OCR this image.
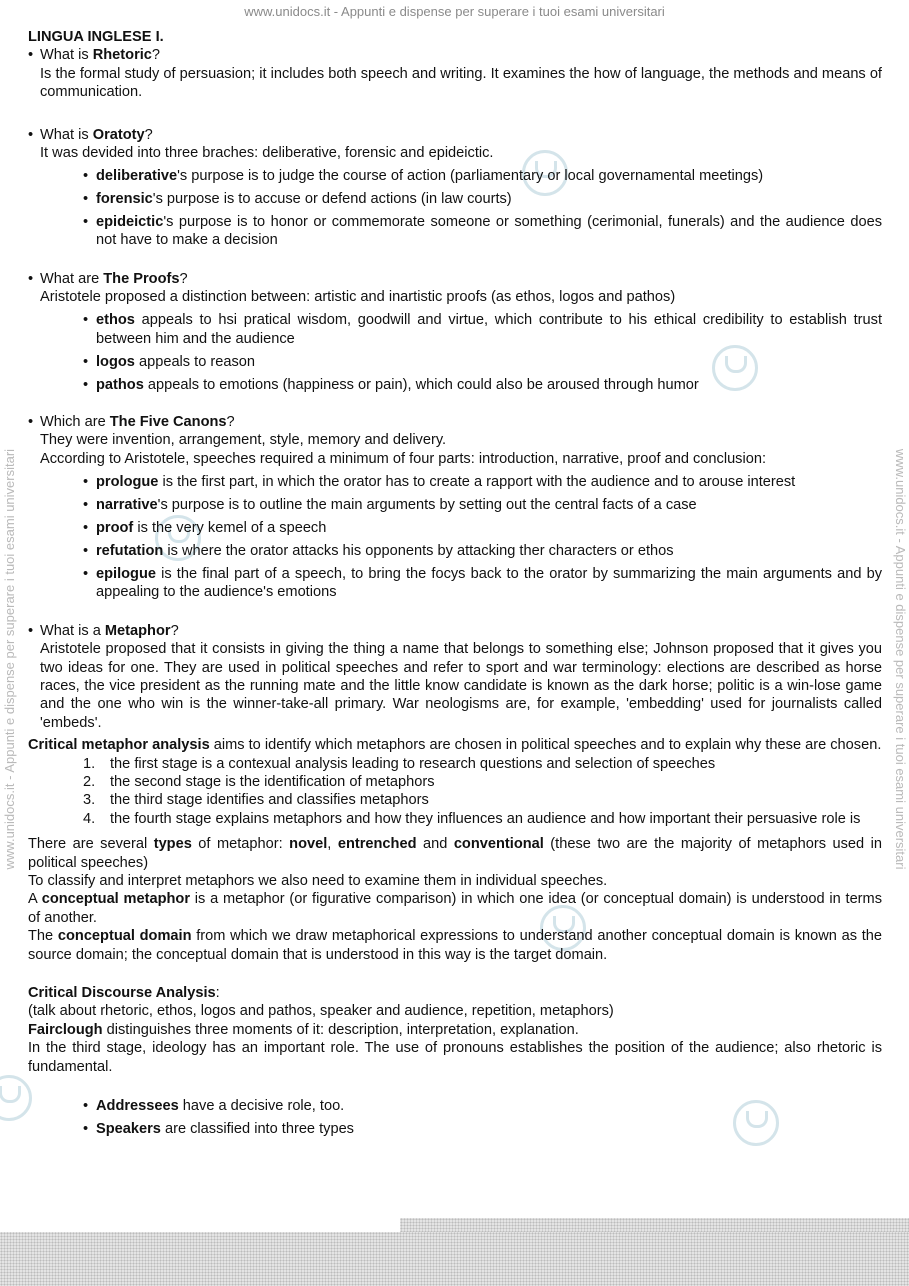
www.unidocs.it - Appunti e dispense per superare i tuoi esami universitari
www.unidocs.it - Appunti e dispense per superare i tuoi esami universitari	www.unidocs.it - Appunti e dispense per superare i tuoi esami universitari
LINGUA INGLESE I.
• What is Rhetoric?
Is the formal study of persuasion; it includes both speech and writing. It examines the how of language, the methods and means of communication.
• What is Oratoty?
It was devided into three braches: deliberative, forensic and epideictic.
• deliberative's purpose is to judge the course of action (parliamentary or local governamental meetings)
• forensic's purpose is to accuse or defend actions (in law courts)
• epideictic's purpose is to honor or commemorate someone or something (cerimonial, funerals) and the audience does not have to make a decision
• What are The Proofs?
Aristotele proposed a distinction between: artistic and inartistic proofs (as ethos, logos and pathos)
• ethos appeals to hsi pratical wisdom, goodwill and virtue, which contribute to his ethical credibility to establish trust between him and the audience
• logos appeals to reason
• pathos appeals to emotions (happiness or pain), which could also be aroused through humor
• Which are The Five Canons?
They were invention, arrangement, style, memory and delivery.
According to Aristotele, speeches required a minimum of four parts: introduction, narrative, proof and conclusion:
• prologue is the first part, in which the orator has to create a rapport with the audience and to arouse interest
• narrative's purpose is to outline the main arguments by setting out the central facts of a case
• proof is the very kemel of a speech
• refutation is where the orator attacks his opponents by attacking ther characters or ethos
• epilogue is the final part of a speech, to bring the focys back to the orator by summarizing the main arguments and by appealing to the audience's emotions
• What is a Metaphor?
Aristotele proposed that it consists in giving the thing a name that belongs to something else; Johnson proposed that it gives you two ideas for one. They are used in political speeches and refer to sport and war terminology: elections are described as horse races, the vice president as the running mate and the little know candidate is known as the dark horse; politic is a win-lose game and the one who win is the winner-take-all primary. War neologisms are, for example, 'embedding' used for journalists called 'embeds'.
Critical metaphor analysis aims to identify which metaphors are chosen in political speeches and to explain why these are chosen.
1. the first stage is a contexual analysis leading to research questions and selection of speeches
2. the second stage is the identification of metaphors
3. the third stage identifies and classifies metaphors
4. the fourth stage explains metaphors and how they influences an audience and how important their persuasive role is
There are several types of metaphor: novel, entrenched and conventional (these two are the majority of metaphors used in political speeches)
To classify and interpret metaphors we also need to examine them in individual speeches.
A conceptual metaphor is a metaphor (or figurative comparison) in which one idea (or conceptual domain) is understood in terms of another.
The conceptual domain from which we draw metaphorical expressions to understand another conceptual domain is known as the source domain; the conceptual domain that is understood in this way is the target domain.
Critical Discourse Analysis:
(talk about rhetoric, ethos, logos and pathos, speaker and audience, repetition, metaphors)
Fairclough distinguishes three moments of it: description, interpretation, explanation.
In the third stage, ideology has an important role. The use of pronouns establishes the position of the audience; also rhetoric is fundamental.
• Addressees have a decisive role, too.
• Speakers are classified into three types
